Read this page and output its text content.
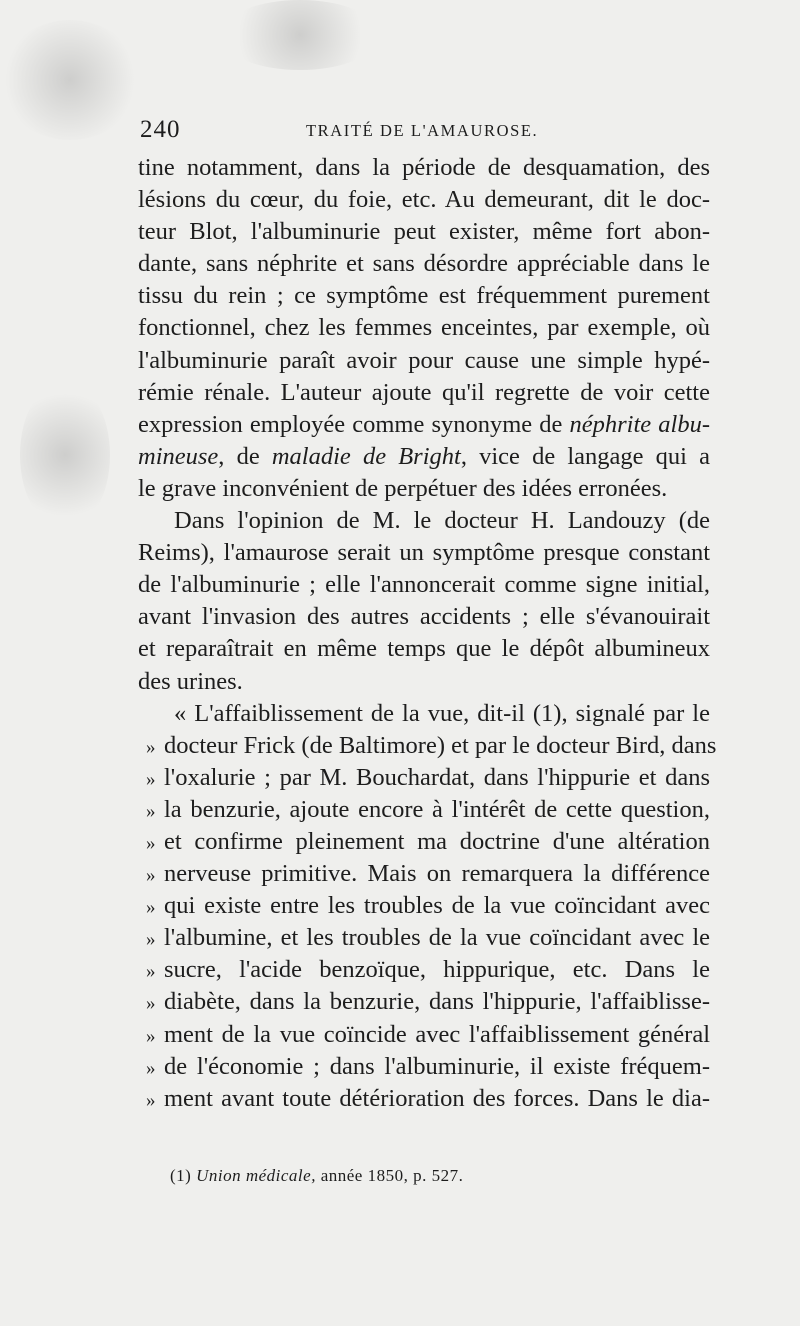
240	TRAITÉ DE L'AMAUROSE.
tine notamment, dans la période de desquamation, des
lésions du cœur, du foie, etc. Au demeurant, dit le doc-
teur Blot, l'albuminurie peut exister, même fort abon-
dante, sans néphrite et sans désordre appréciable dans le
tissu du rein ; ce symptôme est fréquemment purement
fonctionnel, chez les femmes enceintes, par exemple, où
l'albuminurie paraît avoir pour cause une simple hypé-
rémie rénale. L'auteur ajoute qu'il regrette de voir cette
expression employée comme synonyme de néphrite albu-
mineuse, de maladie de Bright, vice de langage qui a
le grave inconvénient de perpétuer des idées erronées.
Dans l'opinion de M. le docteur H. Landouzy (de
Reims), l'amaurose serait un symptôme presque constant
de l'albuminurie ; elle l'annoncerait comme signe initial,
avant l'invasion des autres accidents ; elle s'évanouirait
et reparaîtrait en même temps que le dépôt albumineux
des urines.
« L'affaiblissement de la vue, dit-il (1), signalé par le
» docteur Frick (de Baltimore) et par le docteur Bird, dans
» l'oxalurie ; par M. Bouchardat, dans l'hippurie et dans
» la benzurie, ajoute encore à l'intérêt de cette question,
» et confirme pleinement ma doctrine d'une altération
» nerveuse primitive. Mais on remarquera la différence
» qui existe entre les troubles de la vue coïncidant avec
» l'albumine, et les troubles de la vue coïncidant avec le
» sucre, l'acide benzoïque, hippurique, etc. Dans le
» diabète, dans la benzurie, dans l'hippurie, l'affaiblisse-
» ment de la vue coïncide avec l'affaiblissement général
» de l'économie ; dans l'albuminurie, il existe fréquem-
» ment avant toute détérioration des forces. Dans le dia-
(1) Union médicale, année 1850, p. 527.
